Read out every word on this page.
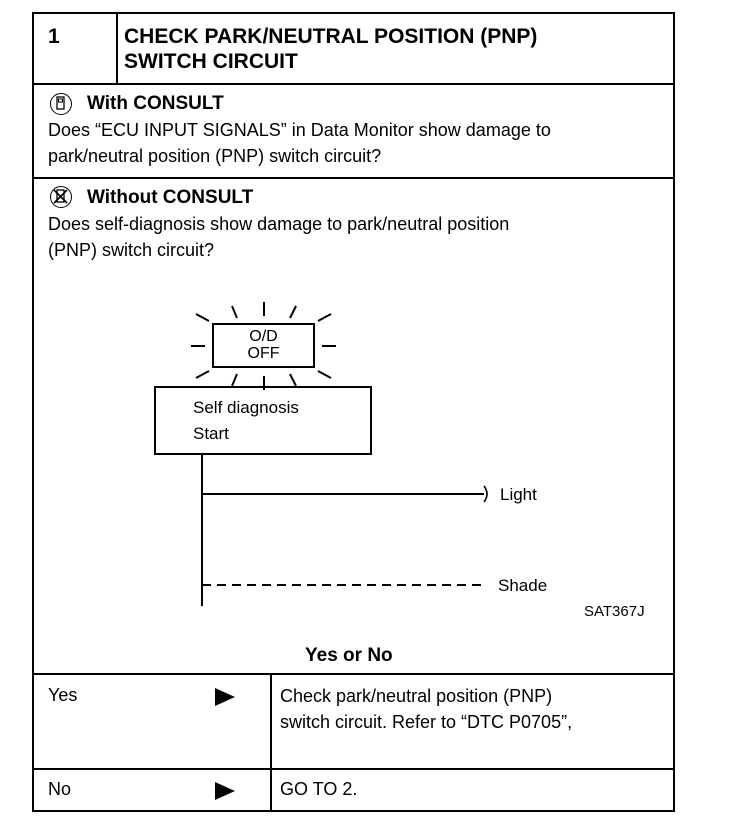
1	CHECK PARK/NEUTRAL POSITION (PNP)
SWITCH CIRCUIT
With CONSULT
Does “ECU INPUT SIGNALS” in Data Monitor show damage to
park/neutral position (PNP) switch circuit?
Without CONSULT
Does self-diagnosis show damage to park/neutral position
(PNP) switch circuit?
O/D
OFF
Self diagnosis
Start
Light
Shade
SAT367J
Yes or No
Yes	Check park/neutral position (PNP)
switch circuit. Refer to “DTC P0705”,
No	GO TO 2.
